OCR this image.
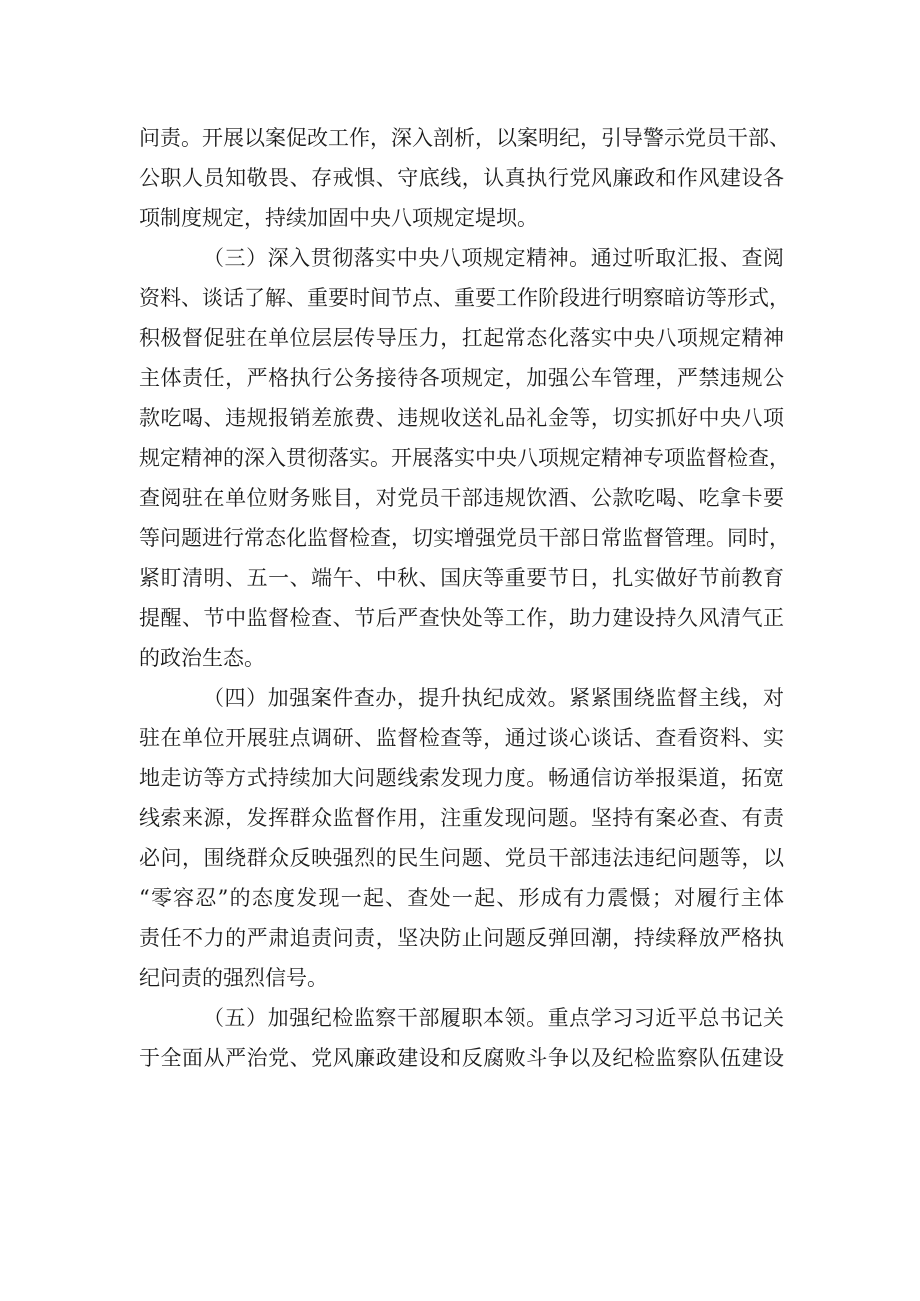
问责。开展以案促改工作，深入剖析，以案明纪，引导警示党员干部、
公职人员知敬畏、存戒惧、守底线，认真执行党风廉政和作风建设各
项制度规定，持续加固中央八项规定堤坝。
（三）深入贯彻落实中央八项规定精神。通过听取汇报、查阅
资料、谈话了解、重要时间节点、重要工作阶段进行明察暗访等形式，
积极督促驻在单位层层传导压力，扛起常态化落实中央八项规定精神
主体责任，严格执行公务接待各项规定，加强公车管理，严禁违规公
款吃喝、违规报销差旅费、违规收送礼品礼金等，切实抓好中央八项
规定精神的深入贯彻落实。开展落实中央八项规定精神专项监督检查，
查阅驻在单位财务账目，对党员干部违规饮酒、公款吃喝、吃拿卡要
等问题进行常态化监督检查，切实增强党员干部日常监督管理。同时，
紧盯清明、五一、端午、中秋、国庆等重要节日，扎实做好节前教育
提醒、节中监督检查、节后严查快处等工作，助力建设持久风清气正
的政治生态。
（四）加强案件查办，提升执纪成效。紧紧围绕监督主线，对
驻在单位开展驻点调研、监督检查等，通过谈心谈话、查看资料、实
地走访等方式持续加大问题线索发现力度。畅通信访举报渠道，拓宽
线索来源，发挥群众监督作用，注重发现问题。坚持有案必查、有责
必问，围绕群众反映强烈的民生问题、党员干部违法违纪问题等，以
“零容忍”的态度发现一起、查处一起、形成有力震慑；对履行主体
责任不力的严肃追责问责，坚决防止问题反弹回潮，持续释放严格执
纪问责的强烈信号。
（五）加强纪检监察干部履职本领。重点学习习近平总书记关
于全面从严治党、党风廉政建设和反腐败斗争以及纪检监察队伍建设
